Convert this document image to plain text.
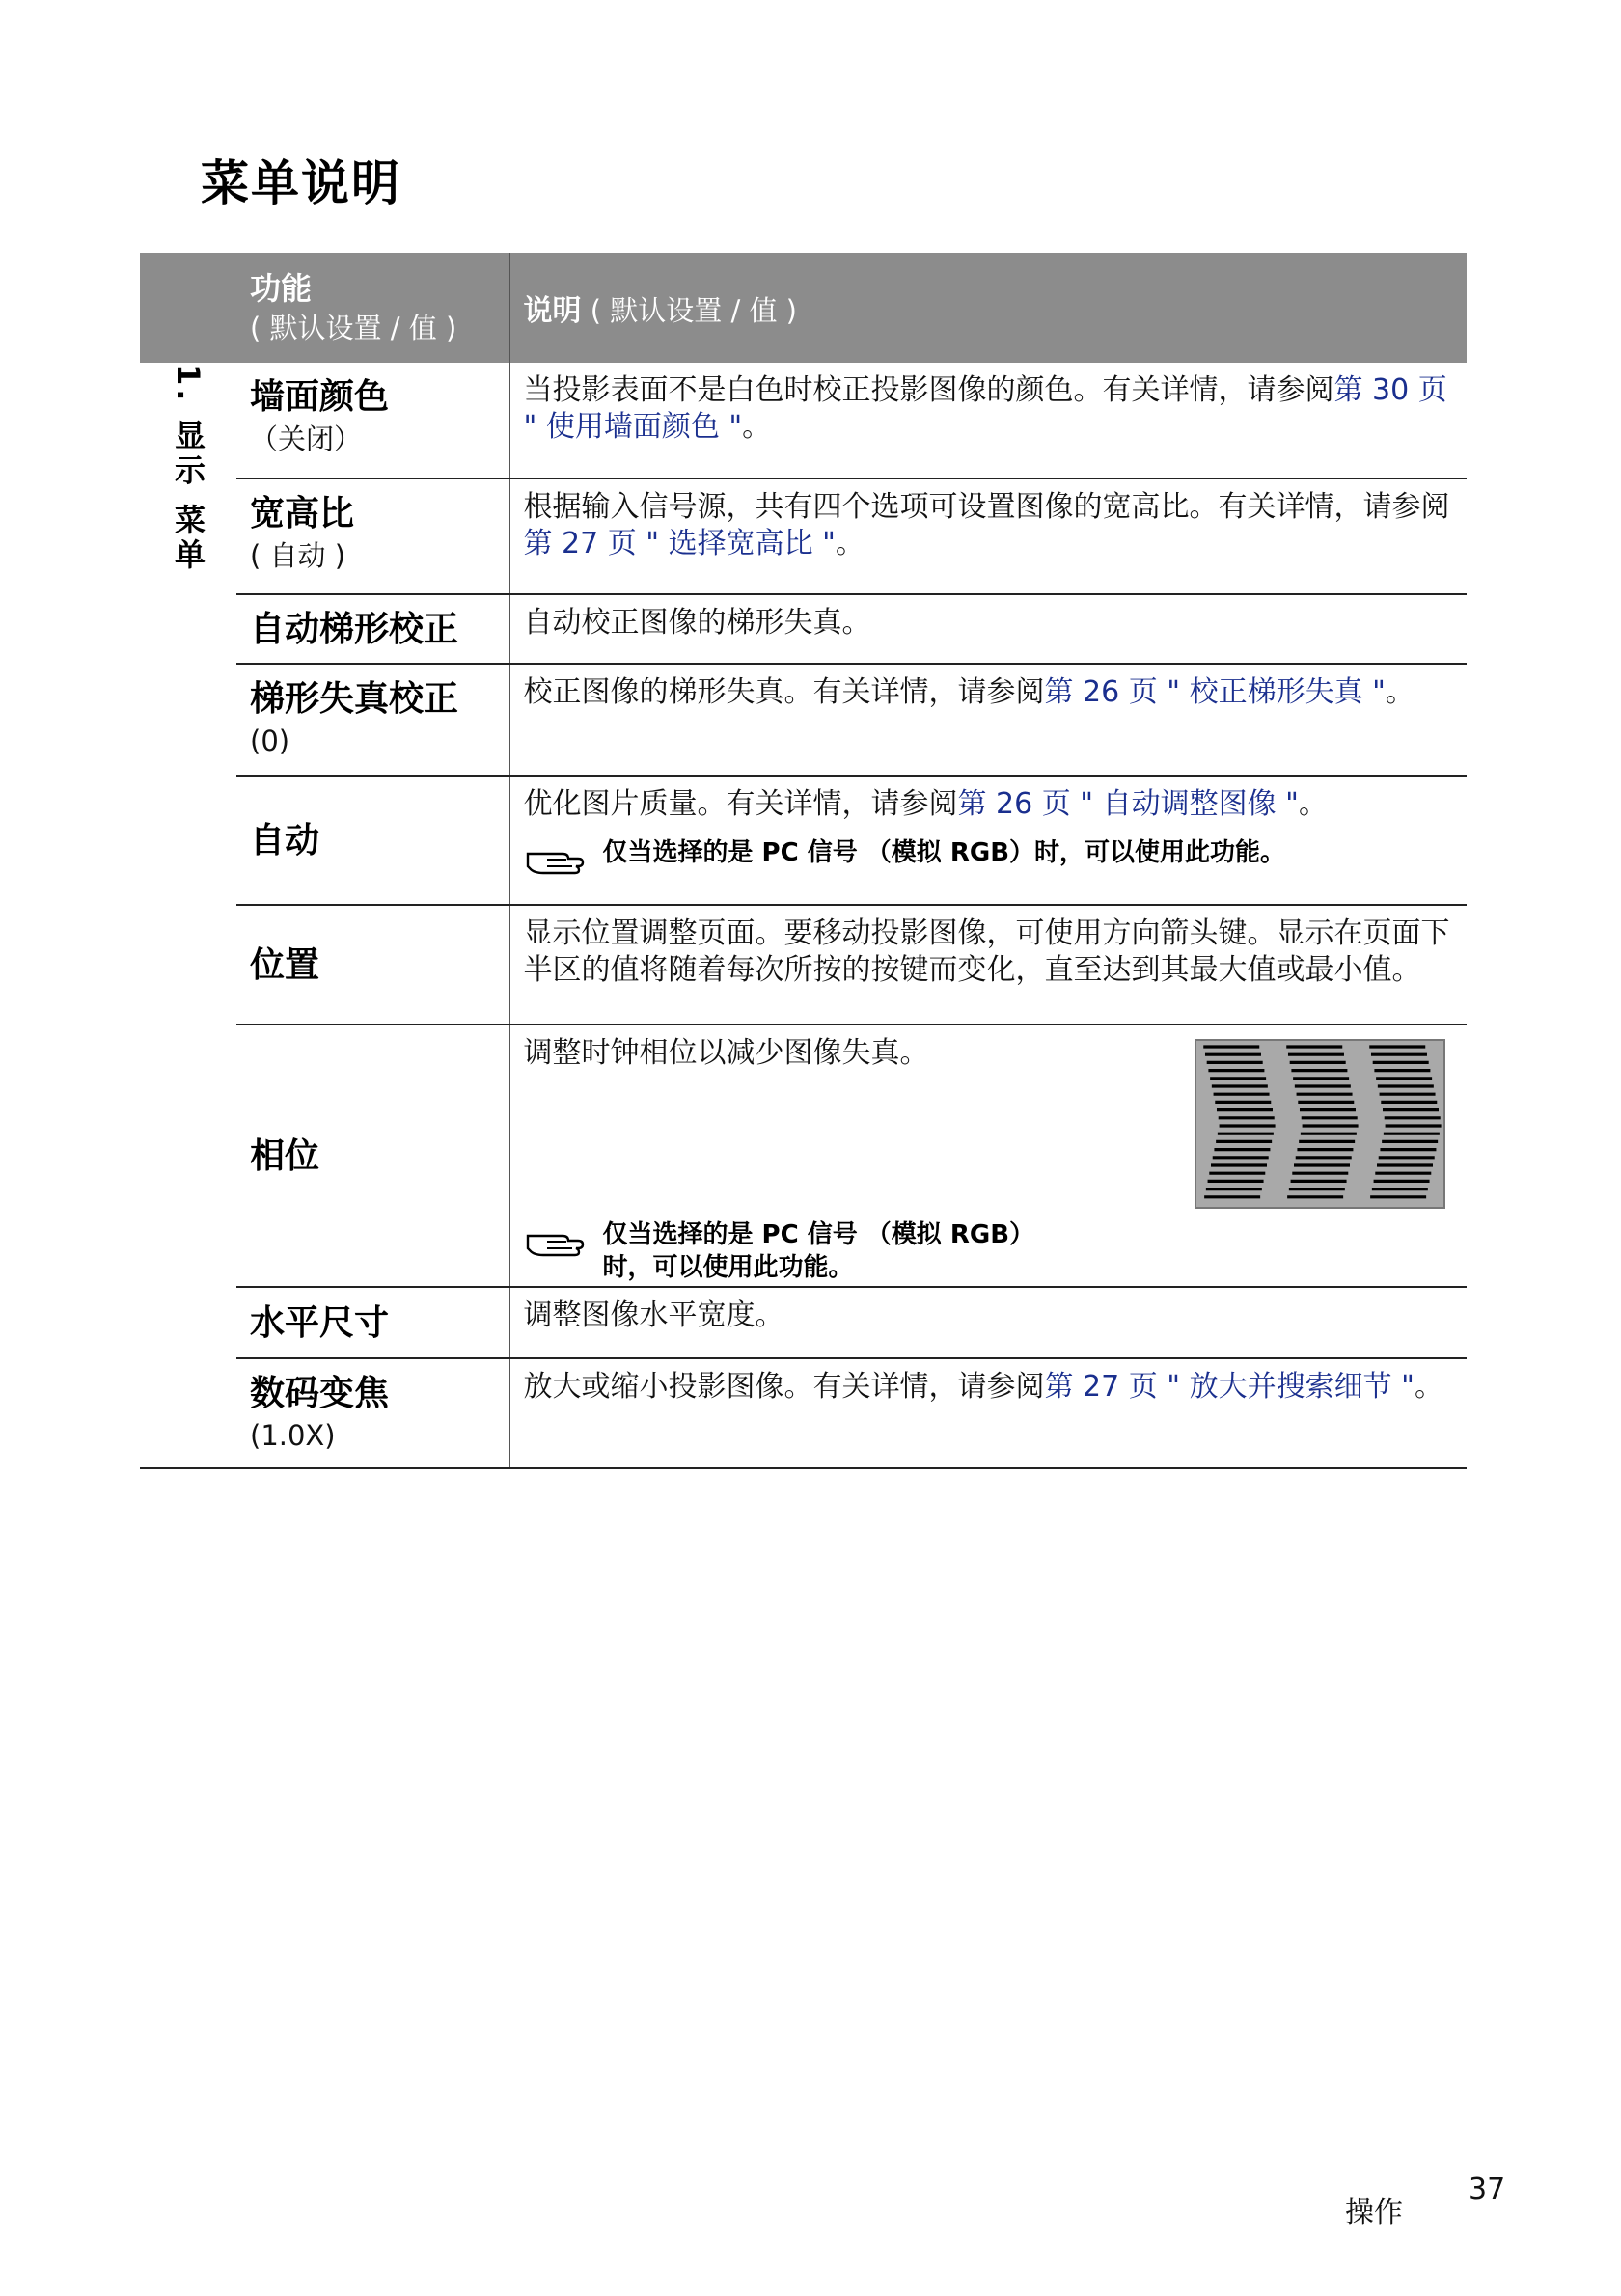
菜单说明

	功能
( 默认设置 / 值 )	说明 ( 默认设置 / 值 )
1. 显示 菜单	墙面颜色
（关闭）	当投影表面不是白色时校正投影图像的颜色。有关详情，请参阅第 30 页 " 使用墙面颜色 "。

	宽高比
( 自动 )	根据输入信号源，共有四个选项可设置图像的宽高比。有关详情，请参阅第 27 页 " 选择宽高比 "。

	自动梯形校正	自动校正图像的梯形失真。

	梯形失真校正
(0)	校正图像的梯形失真。有关详情，请参阅第 26 页 " 校正梯形失真 "。

	自动	优化图片质量。有关详情，请参阅第 26 页 " 自动调整图像 "。
仅当选择的是 PC 信号 （模拟 RGB）时，可以使用此功能。

	位置	显示位置调整页面。要移动投影图像，可使用方向箭头键。显示在页面下半区的值将随着每次所按的按键而变化，直至达到其最大值或最小值。

	相位	调整时钟相位以减少图像失真。
仅当选择的是 PC 信号 （模拟 RGB）
时，可以使用此功能。

	水平尺寸	调整图像水平宽度。

	数码变焦
(1.0X)	放大或缩小投影图像。有关详情，请参阅第 27 页 " 放大并搜索细节 "。
操作
37
